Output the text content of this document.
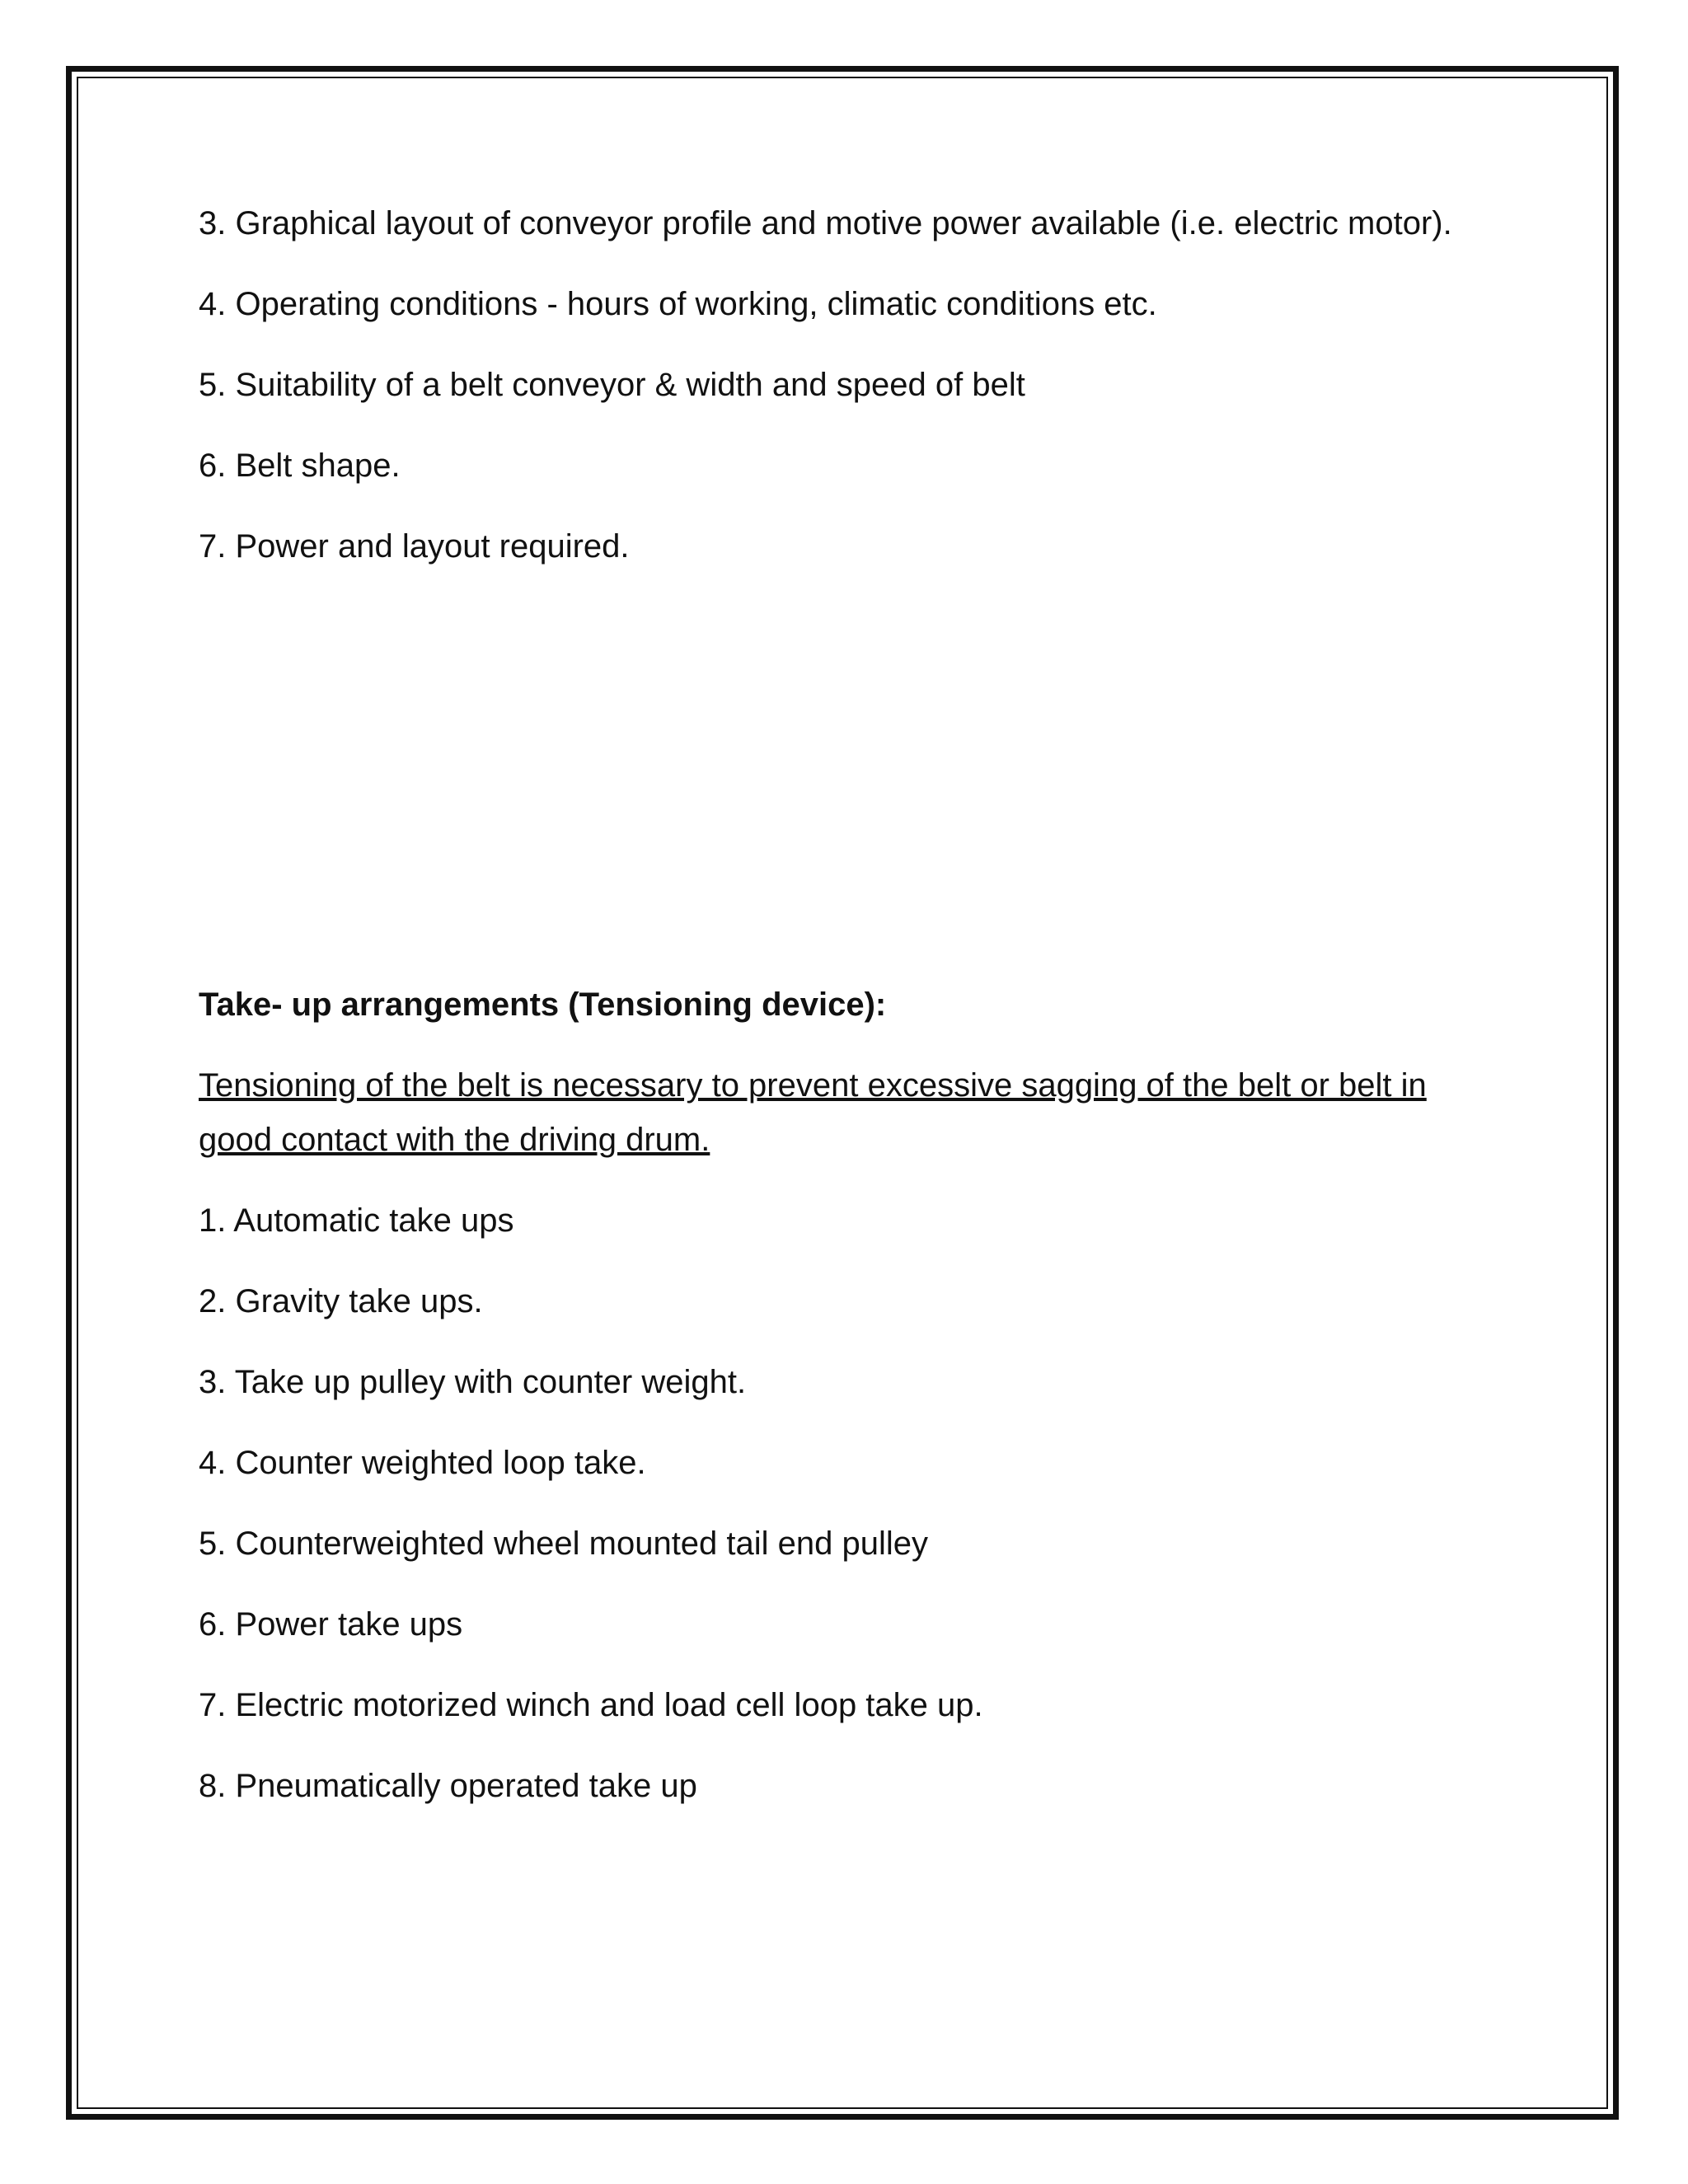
3. Graphical layout of conveyor profile and motive power available (i.e. electric motor).

4. Operating conditions - hours of working, climatic conditions etc.

5. Suitability of a belt conveyor & width and speed of belt

6. Belt shape.

7. Power and layout required.

Take- up arrangements (Tensioning device):

Tensioning of the belt is necessary to prevent excessive sagging of the belt or belt in good contact with the driving drum.

1. Automatic take ups

2. Gravity take ups.

3. Take up pulley with counter weight.

4. Counter weighted loop take.

5. Counterweighted wheel mounted tail end pulley

6. Power take ups

7. Electric motorized winch and load cell loop take up.

8. Pneumatically operated take up
